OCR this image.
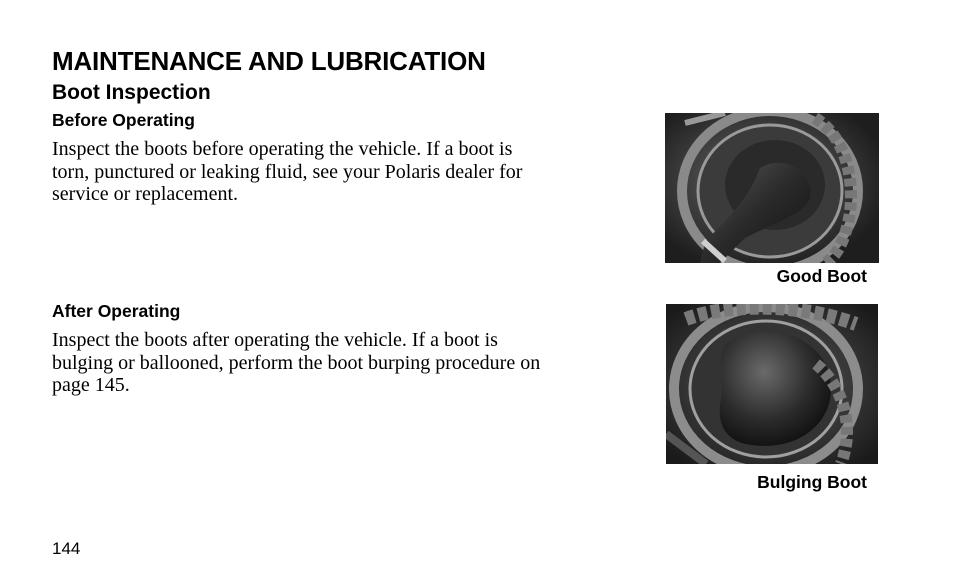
MAINTENANCE AND LUBRICATION
Boot Inspection
Before Operating
Inspect the boots before operating the vehicle. If a boot is torn, punctured or leaking fluid, see your Polaris dealer for service or replacement.
After Operating
Inspect the boots after operating the vehicle. If a boot is bulging or ballooned, perform the boot burping procedure on page 145.
Good Boot
Bulging Boot
144
